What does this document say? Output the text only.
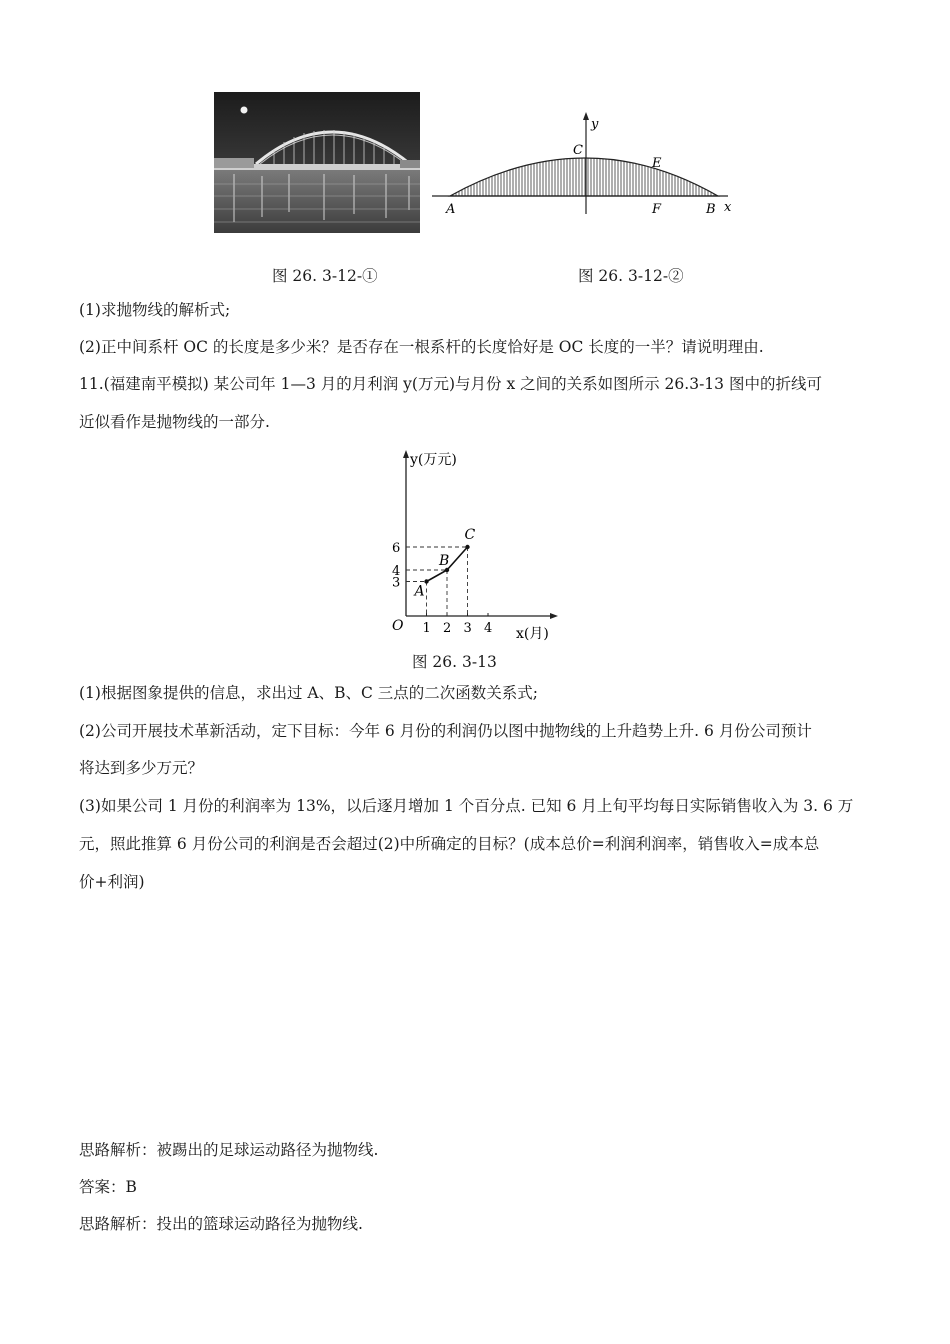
y
x
C
E
A	F	B
图 26. 3-12-①	图 26. 3-12-②
(1)求抛物线的解析式;
(2)正中间系杆 OC 的长度是多少米？是否存在一根系杆的长度恰好是 OC 长度的一半？请说明理由.
11.(福建南平模拟) 某公司年 1—3 月的月利润 y(万元)与月份 x 之间的关系如图所示 26.3-13 图中的折线可
近似看作是抛物线的一部分.
y(万元)
x(月)
O 1 2 3 4
3
4
6
A
B
C
图 26. 3-13
(1)根据图象提供的信息，求出过 A、B、C 三点的二次函数关系式;
(2)公司开展技术革新活动，定下目标：今年 6 月份的利润仍以图中抛物线的上升趋势上升. 6 月份公司预计
将达到多少万元？
(3)如果公司 1 月份的利润率为 13%，以后逐月增加 1 个百分点. 已知 6 月上旬平均每日实际销售收入为 3. 6 万
元，照此推算 6 月份公司的利润是否会超过(2)中所确定的目标？(成本总价=利润利润率，销售收入=成本总
价+利润)
思路解析：被踢出的足球运动路径为抛物线.
答案：B
思路解析：投出的篮球运动路径为抛物线.
